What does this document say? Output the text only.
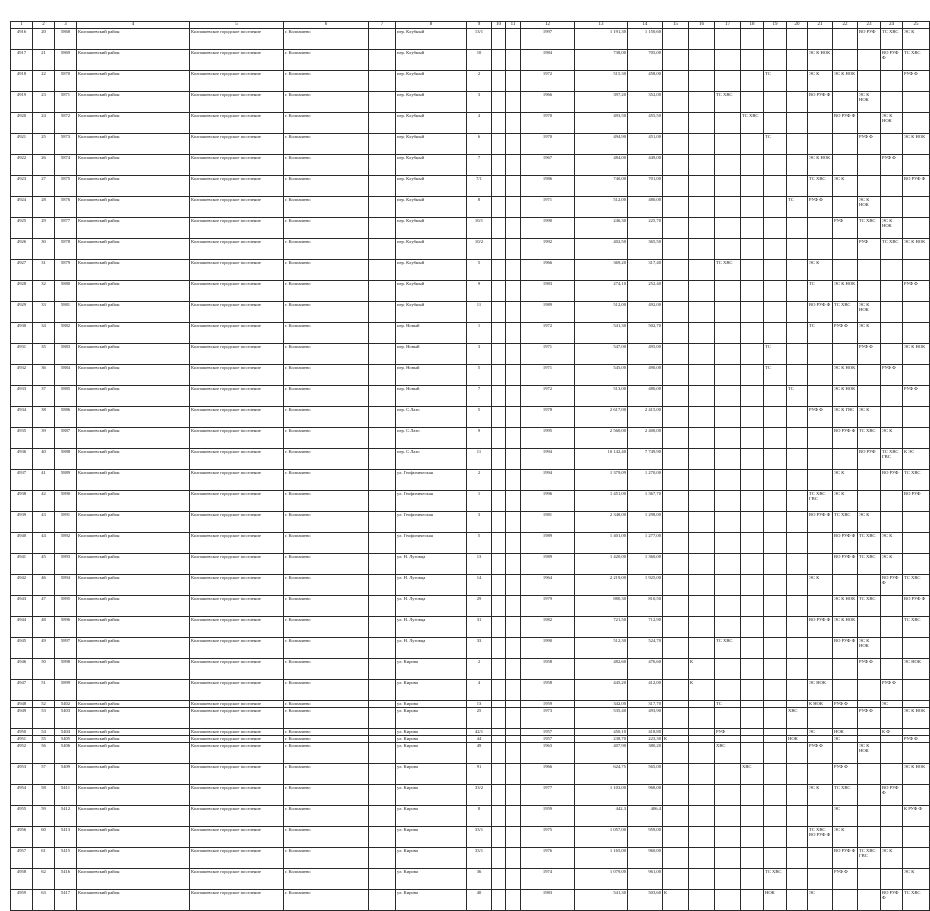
1	2	3	4	5	6	7	8	9	10	11	12	13	14	15	16	17	18	19	20	21	22	23	24	25
4916	20	5868	Колпашевский район	Колпашевское городское поселение	г. Колпашево		пер. Клубный	13/1			1997	1 191,30	1 150,60									ВО РУФ	ТС ХВС	ЭС К
4917	21	5869	Колпашевский район	Колпашевское городское поселение	г. Колпашево		пер. Клубный	10			1984	738,00	705,00							ЭС К НОК			ВО РУФ Ф	ТС ХВС
4918	22	5870	Колпашевский район	Колпашевское городское поселение	г. Колпашево		пер. Клубный	2			1972	515,30	458,00					ТС		ЭС К	ЭС К НОК			РУФ Ф
4919	23	5871	Колпашевский район	Колпашевское городское поселение	г. Колпашево		пер. Клубный	3			1966	397,20	352,00			ТС ХВС				ВО РУФ Ф		ЭС К НОК		
4920	24	5872	Колпашевский район	Колпашевское городское поселение	г. Колпашево		пер. Клубный	4			1970	493,50	455,50				ТС ХВС				ВО РУФ Ф		ЭС К НОК	
4921	25	5873	Колпашевский район	Колпашевское городское поселение	г. Колпашево		пер. Клубный	6			1970	494,90	451,00					ТС				РУФ Ф		ЭС К НОК
4922	26	5874	Колпашевский район	Колпашевское городское поселение	г. Колпашево		пер. Клубный	7			1967	484,00	449,00							ЭС К НОК			РУФ Ф	
4923	27	5875	Колпашевский район	Колпашевское городское поселение	г. Колпашево		пер. Клубный	7/1			1986	740,00	701,00							ТС ХВС	ЭС К			ВО РУФ Ф
4924	28	5876	Колпашевский район	Колпашевское городское поселение	г. Колпашево		пер. Клубный	8			1971	512,00	480,00						ТС	РУФ Ф		ЭС К НОК		
4925	29	5877	Колпашевский район	Колпашевское городское поселение	г. Колпашево		пер. Клубный	10/1			1990	246,30	225,70								РУФ	ТС ХВС	ЭС К НОК	
4926	30	5878	Колпашевский район	Колпашевское городское поселение	г. Колпашево		пер. Клубный	10/2			1992	402,50	365,50									РУФ	ТС ХВС	ЭС К НОК
4927	31	5879	Колпашевский район	Колпашевское городское поселение	г. Колпашево		пер. Клубный	5			1966	369,20	317,40			ТС ХВС				ЭС К				
4928	32	5880	Колпашевский район	Колпашевское городское поселение	г. Колпашево		пер. Клубный	9			1983	274,10	252,40							ТС	ЭС К НОК			РУФ Ф
4929	33	5881	Колпашевский район	Колпашевское городское поселение	г. Колпашево		пер. Клубный	11			1989	512,00	492,00							ВО РУФ Ф	ТС ХВС	ЭС К НОК		
4930	34	5882	Колпашевский район	Колпашевское городское поселение	г. Колпашево		пер. Новый	1			1972	541,30	502,70							ТС	РУФ Ф	ЭС К		
4931	35	5883	Колпашевский район	Колпашевское городское поселение	г. Колпашево		пер. Новый	3			1971	547,00	495,00					ТС				РУФ Ф		ЭС К НОК
4932	36	5884	Колпашевский район	Колпашевское городское поселение	г. Колпашево		пер. Новый	5			1971	545,00	490,00					ТС			ЭС К НОК		РУФ Ф	
4933	37	5885	Колпашевский район	Колпашевское городское поселение	г. Колпашево		пер. Новый	7			1972	513,00	480,00						ТС		ЭС К НОК			РУФ Ф
4934	38	5886	Колпашевский район	Колпашевское городское поселение	г. Колпашево		пер. С.Лазо	5			1978	2 617,00	2 415,00							РУФ Ф	ЭС К ГВС	ЭС К		
4935	39	5887	Колпашевский район	Колпашевское городское поселение	г. Колпашево		пер. С.Лазо	9			1995	2 560,00	2 400,00								ВО РУФ Ф	ТС ХВС	ЭС К	
4936	40	5888	Колпашевский район	Колпашевское городское поселение	г. Колпашево		пер. С.Лазо	11			1994	10 142,40	7 749,90									ВО РУФ	ТС ХВС ГВС	К ЭС
4937	41	5889	Колпашевский район	Колпашевское городское поселение	г. Колпашево		ул. Геофизическая	2			1994	1 379,09	1 270,00								ЭС К		ВО РУФ	ТС ХВС
4938	42	5890	Колпашевский район	Колпашевское городское поселение	г. Колпашево		ул. Геофизическая	1			1996	1 451,00	1 367,70							ТС ХВС ГВС	ЭС К			ВО РУФ
4939	43	5891	Колпашевский район	Колпашевское городское поселение	г. Колпашево		ул. Геофизическая	3			1981	2 348,00	1 298,00							ВО РУФ Ф	ТС ХВС	ЭС К		
4940	44	5892	Колпашевский район	Колпашевское городское поселение	г. Колпашево		ул. Геофизическая	5			1989	1 401,00	1 277,00								ВО РУФ Ф	ТС ХВС	ЭС К	
4941	45	5893	Колпашевский район	Колпашевское городское поселение	г. Колпашево		ул. Н. Луговца	13			1989	1 420,00	1 360,00								ВО РУФ Ф	ТС ХВС	ЭС К	
4942	46	5894	Колпашевский район	Колпашевское городское поселение	г. Колпашево		ул. Н. Луговца	14			1964	2 219,00	1 925,00							ЭС К			ВО РУФ Ф	ТС ХВС
4943	47	5895	Колпашевский район	Колпашевское городское поселение	г. Колпашево		ул. Н. Луговца	29			1979	880,30	810,50								ЭС К НОК	ТС ХВС		ВО РУФ Ф
4944	48	5896	Колпашевский район	Колпашевское городское поселение	г. Колпашево		ул. Н. Луговца	31			1982	721,50	712,90							ВО РУФ Ф	ЭС К НОК			ТС ХВС
4945	49	5897	Колпашевский район	Колпашевское городское поселение	г. Колпашево		ул. Н. Луговца	33			1990	512,30	524,70			ТС ХВС					ВО РУФ Ф	ЭС К НОК		
4946	50	5898	Колпашевский район	Колпашевское городское поселение	г. Колпашево		ул. Кирова	2			1958	482,60	476,60		К							РУФ Ф		ЭС НОК
4947	51	5899	Колпашевский район	Колпашевское городское поселение	г. Колпашево		ул. Кирова	4			1958	445,20	412,00		К					ЭС НОК			РУФ Ф	
4948	52	5402	Колпашевский район	Колпашевское городское поселение	г. Колпашево		ул. Кирова	13			1959	342,00	317,70			ТС				К НОК	РУФ Ф		ЭС	
4949	53	5403	Колпашевский район	Колпашевское городское поселение	г. Колпашево		ул. Кирова	25			1973	535,40	493,90						ХВС			РУФ Ф		ЭС К НОК
4950	54	5404	Колпашевский район	Колпашевское городское поселение	г. Колпашево		ул. Кирова	42/1			1957	450,10	418,80			РУФ				ЭС	НОК		К Ф	
4951	55	5405	Колпашевский район	Колпашевское городское поселение	г. Колпашево		ул. Кирова	44			1957	238,70	223,30	К					НОК		ЭС			РУФ Ф
4952	56	5406	Колпашевский район	Колпашевское городское поселение	г. Колпашево		ул. Кирова	49			1963	407,90	380,20			ХВС				РУФ Ф		ЭС К НОК		
4953	57	5409	Колпашевский район	Колпашевское городское поселение	г. Колпашево		ул. Кирова	91			1966	624,75	565,00				ХВС				РУФ Ф			ЭС К НОК
4954	58	5411	Колпашевский район	Колпашевское городское поселение	г. Колпашево		ул. Кирова	33/2			1977	1 103,00	968,00							ЭС К	ТС ХВС		ВО РУФ Ф	
4955	59	5412	Колпашевский район	Колпашевское городское поселение	г. Колпашево		ул. Кирова	8			1959	442,3	406,4								ЭС			К РУФ Ф
4956	60	5413	Колпашевский район	Колпашевское городское поселение	г. Колпашево		ул. Кирова	33/1			1975	1 057,00	959,00							ТС ХВС ВО РУФ Ф	ЭС К			
4957	61	5415	Колпашевский район	Колпашевское городское поселение	г. Колпашево		ул. Кирова	33/1			1976	1 165,00	960,00								ВО РУФ Ф	ТС ХВС ГВС	ЭС К	
4958	62	5416	Колпашевский район	Колпашевское городское поселение	г. Колпашево		ул. Кирова	36			1974	1 079,00	961,00					ТС ХВС			РУФ Ф			ЭС К
4959	63	5417	Колпашевский район	Колпашевское городское поселение	г. Колпашево		ул. Кирова	40			1983	541,30	503,60	К				НОК		ЭС			ВО РУФ Ф	ТС ХВС
